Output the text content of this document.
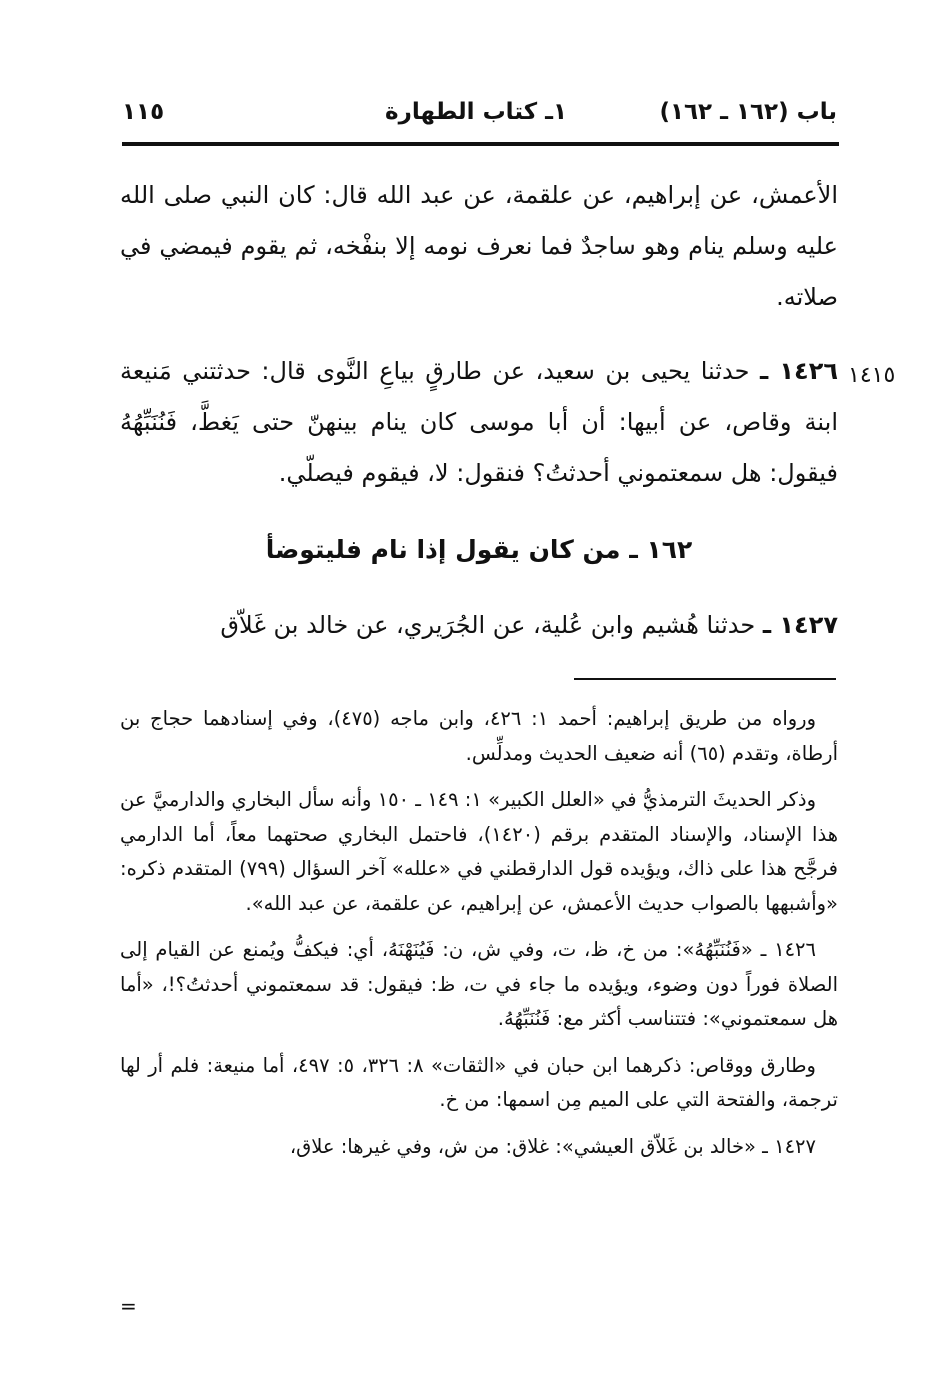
باب (١٦٢ ـ ١٦٢)
١ـ كتاب الطهارة
١١٥
الأعمش، عن إبراهيم، عن علقمة، عن عبد الله قال: كان النبي صلى الله عليه وسلم ينام وهو ساجدٌ فما نعرف نومه إلا بنفْخه، ثم يقوم فيمضي في صلاته.
١٤١٥
١٤٢٦ ـ حدثنا يحيى بن سعيد، عن طارقٍ بياعِ النَّوى قال: حدثتني مَنيعة ابنة وقاص، عن أبيها: أن أبا موسى كان ينام بينهنّ حتى يَغطَّ، فَنُنَبِّهُهُ فيقول: هل سمعتموني أحدثتُ؟ فنقول: لا، فيقوم فيصلّي.
١٦٢ ـ من كان يقول إذا نام فليتوضأ
١٤٢٧ ـ حدثنا هُشيم وابن عُلية، عن الجُرَيري، عن خالد بن غَلاّق

ورواه من طريق إبراهيم: أحمد ١: ٤٢٦، وابن ماجه (٤٧٥)، وفي إسنادهما حجاج بن أرطاة، وتقدم (٦٥) أنه ضعيف الحديث ومدلِّس.

وذكر الحديثَ الترمذيُّ في «العلل الكبير» ١: ١٤٩ ـ ١٥٠ وأنه سأل البخاري والدارميَّ عن هذا الإسناد، والإسناد المتقدم برقم (١٤٢٠)، فاحتمل البخاري صحتهما معاً، أما الدارمي فرجَّح هذا على ذاك، ويؤيده قول الدارقطني في «علله» آخر السؤال (٧٩٩) المتقدم ذكره: «وأشبهها بالصواب حديث الأعمش، عن إبراهيم، عن علقمة، عن عبد الله».

١٤٢٦ ـ «فَنُنَبِّهُهُ»: من خ، ظ، ت، وفي ش، ن: فَيُنَهْنَهُ، أي: فيكفُّ ويُمنع عن القيام إلى الصلاة فوراً دون وضوء، ويؤيده ما جاء في ت، ظ: فيقول: قد سمعتموني أحدثتُ؟!، «أما هل سمعتموني»: فتتناسب أكثر مع: فَنُنَبِّهُهُ.

وطارق ووقاص: ذكرهما ابن حبان في «الثقات» ٨: ٣٢٦، ٥: ٤٩٧، أما منيعة: فلم أر لها ترجمة، والفتحة التي على الميم مِن اسمها: من خ.

١٤٢٧ ـ «خالد بن غَلاّق العيشي»: غلاق: من ش، وفي غيرها: علاق،

=
